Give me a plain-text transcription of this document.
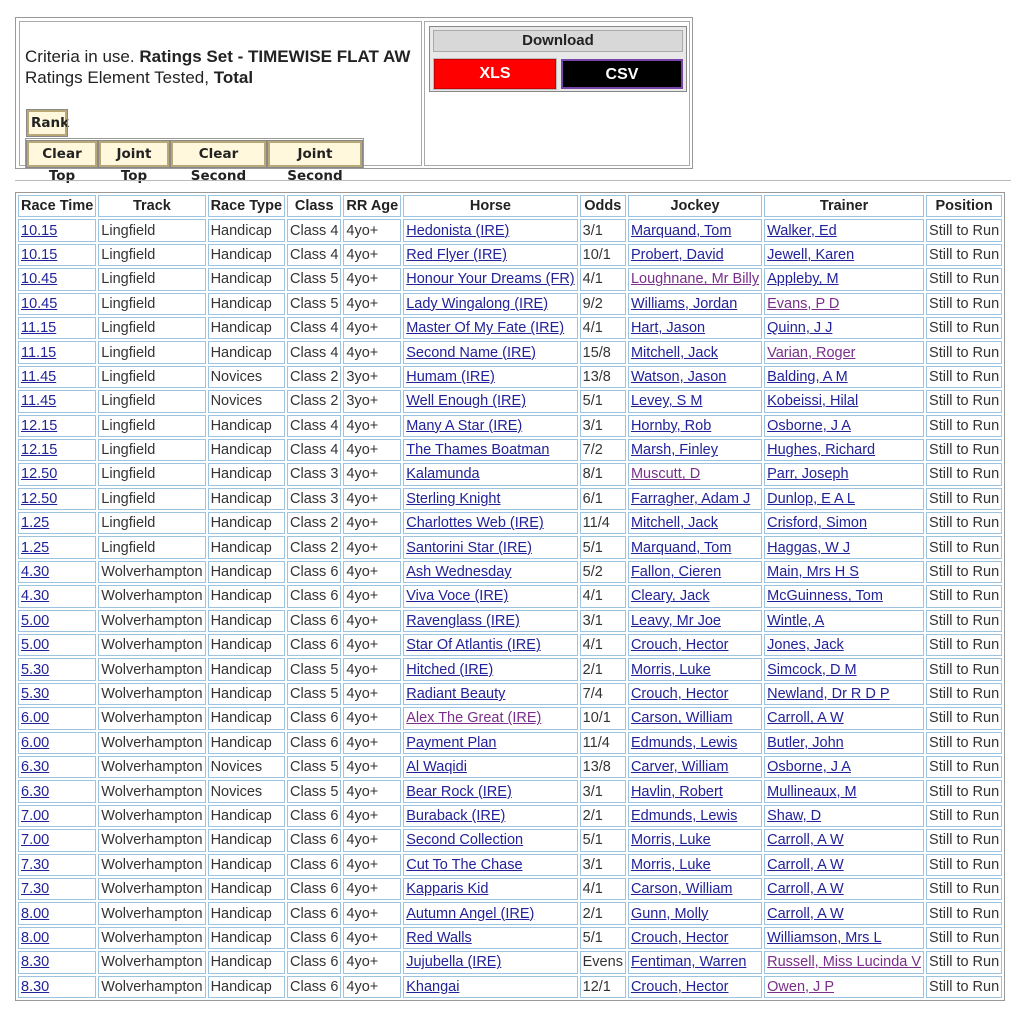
Criteria in use. Ratings Set - TIMEWISE FLAT AW
Ratings Element Tested, Total
Rank
Clear Top
Joint Top
Clear Second
Joint Second
Download
XLS	CSV
Race Time	Track	Race Type	Class	RR Age	Horse	Odds	Jockey	Trainer	Position
10.15	Lingfield	Handicap	Class 4	4yo+	Hedonista (IRE)	3/1	Marquand, Tom	Walker, Ed	Still to Run
10.15	Lingfield	Handicap	Class 4	4yo+	Red Flyer (IRE)	10/1	Probert, David	Jewell, Karen	Still to Run
10.45	Lingfield	Handicap	Class 5	4yo+	Honour Your Dreams (FR)	4/1	Loughnane, Mr Billy	Appleby, M	Still to Run
10.45	Lingfield	Handicap	Class 5	4yo+	Lady Wingalong (IRE)	9/2	Williams, Jordan	Evans, P D	Still to Run
11.15	Lingfield	Handicap	Class 4	4yo+	Master Of My Fate (IRE)	4/1	Hart, Jason	Quinn, J J	Still to Run
11.15	Lingfield	Handicap	Class 4	4yo+	Second Name (IRE)	15/8	Mitchell, Jack	Varian, Roger	Still to Run
11.45	Lingfield	Novices	Class 2	3yo+	Humam (IRE)	13/8	Watson, Jason	Balding, A M	Still to Run
11.45	Lingfield	Novices	Class 2	3yo+	Well Enough (IRE)	5/1	Levey, S M	Kobeissi, Hilal	Still to Run
12.15	Lingfield	Handicap	Class 4	4yo+	Many A Star (IRE)	3/1	Hornby, Rob	Osborne, J A	Still to Run
12.15	Lingfield	Handicap	Class 4	4yo+	The Thames Boatman	7/2	Marsh, Finley	Hughes, Richard	Still to Run
12.50	Lingfield	Handicap	Class 3	4yo+	Kalamunda	8/1	Muscutt, D	Parr, Joseph	Still to Run
12.50	Lingfield	Handicap	Class 3	4yo+	Sterling Knight	6/1	Farragher, Adam J	Dunlop, E A L	Still to Run
1.25	Lingfield	Handicap	Class 2	4yo+	Charlottes Web (IRE)	11/4	Mitchell, Jack	Crisford, Simon	Still to Run
1.25	Lingfield	Handicap	Class 2	4yo+	Santorini Star (IRE)	5/1	Marquand, Tom	Haggas, W J	Still to Run
4.30	Wolverhampton	Handicap	Class 6	4yo+	Ash Wednesday	5/2	Fallon, Cieren	Main, Mrs H S	Still to Run
4.30	Wolverhampton	Handicap	Class 6	4yo+	Viva Voce (IRE)	4/1	Cleary, Jack	McGuinness, Tom	Still to Run
5.00	Wolverhampton	Handicap	Class 6	4yo+	Ravenglass (IRE)	3/1	Leavy, Mr Joe	Wintle, A	Still to Run
5.00	Wolverhampton	Handicap	Class 6	4yo+	Star Of Atlantis (IRE)	4/1	Crouch, Hector	Jones, Jack	Still to Run
5.30	Wolverhampton	Handicap	Class 5	4yo+	Hitched (IRE)	2/1	Morris, Luke	Simcock, D M	Still to Run
5.30	Wolverhampton	Handicap	Class 5	4yo+	Radiant Beauty	7/4	Crouch, Hector	Newland, Dr R D P	Still to Run
6.00	Wolverhampton	Handicap	Class 6	4yo+	Alex The Great (IRE)	10/1	Carson, William	Carroll, A W	Still to Run
6.00	Wolverhampton	Handicap	Class 6	4yo+	Payment Plan	11/4	Edmunds, Lewis	Butler, John	Still to Run
6.30	Wolverhampton	Novices	Class 5	4yo+	Al Waqidi	13/8	Carver, William	Osborne, J A	Still to Run
6.30	Wolverhampton	Novices	Class 5	4yo+	Bear Rock (IRE)	3/1	Havlin, Robert	Mullineaux, M	Still to Run
7.00	Wolverhampton	Handicap	Class 6	4yo+	Buraback (IRE)	2/1	Edmunds, Lewis	Shaw, D	Still to Run
7.00	Wolverhampton	Handicap	Class 6	4yo+	Second Collection	5/1	Morris, Luke	Carroll, A W	Still to Run
7.30	Wolverhampton	Handicap	Class 6	4yo+	Cut To The Chase	3/1	Morris, Luke	Carroll, A W	Still to Run
7.30	Wolverhampton	Handicap	Class 6	4yo+	Kapparis Kid	4/1	Carson, William	Carroll, A W	Still to Run
8.00	Wolverhampton	Handicap	Class 6	4yo+	Autumn Angel (IRE)	2/1	Gunn, Molly	Carroll, A W	Still to Run
8.00	Wolverhampton	Handicap	Class 6	4yo+	Red Walls	5/1	Crouch, Hector	Williamson, Mrs L	Still to Run
8.30	Wolverhampton	Handicap	Class 6	4yo+	Jujubella (IRE)	Evens	Fentiman, Warren	Russell, Miss Lucinda V	Still to Run
8.30	Wolverhampton	Handicap	Class 6	4yo+	Khangai	12/1	Crouch, Hector	Owen, J P	Still to Run
